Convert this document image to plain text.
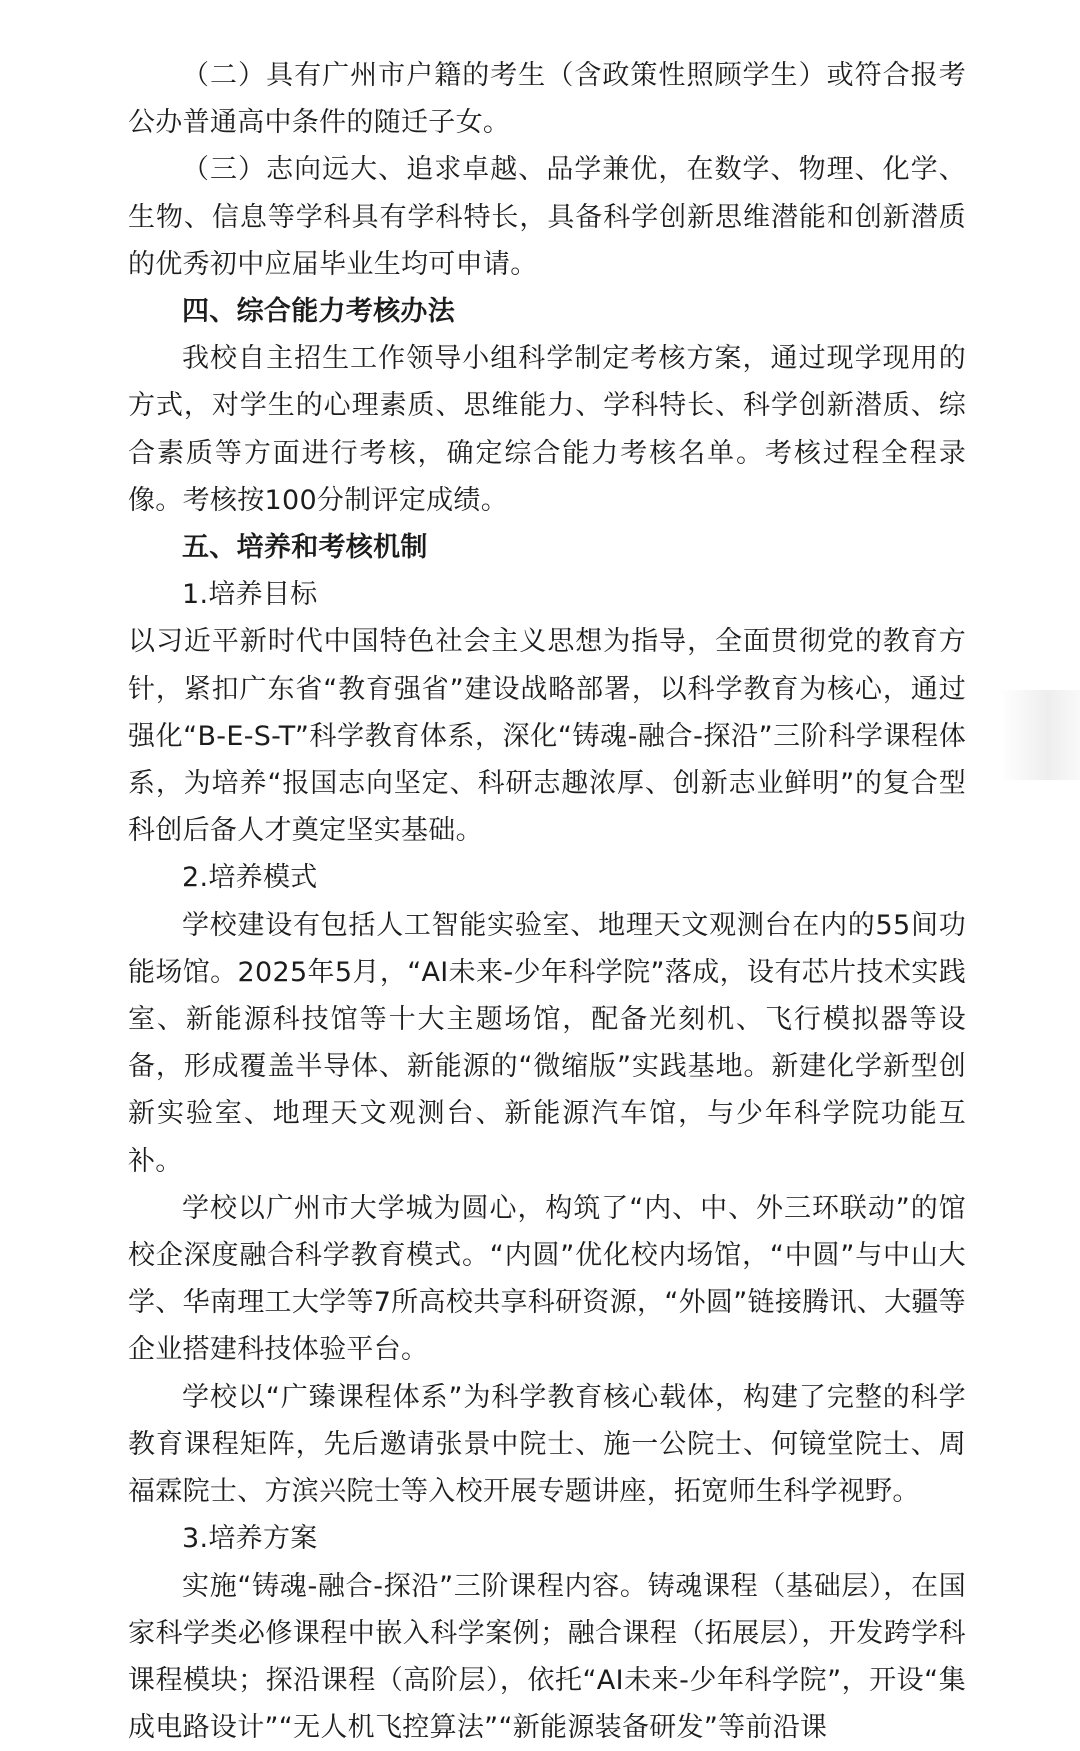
（二）具有广州市户籍的考生（含政策性照顾学生）或符合报考公办普通高中条件的随迁子女。

（三）志向远大、追求卓越、品学兼优，在数学、物理、化学、生物、信息等学科具有学科特长，具备科学创新思维潜能和创新潜质的优秀初中应届毕业生均可申请。

四、综合能力考核办法

我校自主招生工作领导小组科学制定考核方案，通过现学现用的方式，对学生的心理素质、思维能力、学科特长、科学创新潜质、综合素质等方面进行考核，确定综合能力考核名单。考核过程全程录像。考核按100分制评定成绩。

五、培养和考核机制

1.培养目标

以习近平新时代中国特色社会主义思想为指导，全面贯彻党的教育方针，紧扣广东省“教育强省”建设战略部署，以科学教育为核心，通过强化“B-E-S-T”科学教育体系，深化“铸魂-融合-探沿”三阶科学课程体系，为培养“报国志向坚定、科研志趣浓厚、创新志业鲜明”的复合型科创后备人才奠定坚实基础。

2.培养模式

学校建设有包括人工智能实验室、地理天文观测台在内的55间功能场馆。2025年5月，“AI未来-少年科学院”落成，设有芯片技术实践室、新能源科技馆等十大主题场馆，配备光刻机、飞行模拟器等设备，形成覆盖半导体、新能源的“微缩版”实践基地。新建化学新型创新实验室、地理天文观测台、新能源汽车馆，与少年科学院功能互补。

学校以广州市大学城为圆心，构筑了“内、中、外三环联动”的馆校企深度融合科学教育模式。“内圆”优化校内场馆，“中圆”与中山大学、华南理工大学等7所高校共享科研资源，“外圆”链接腾讯、大疆等企业搭建科技体验平台。

学校以“广臻课程体系”为科学教育核心载体，构建了完整的科学教育课程矩阵，先后邀请张景中院士、施一公院士、何镜堂院士、周福霖院士、方滨兴院士等入校开展专题讲座，拓宽师生科学视野。

3.培养方案

实施“铸魂-融合-探沿”三阶课程内容。铸魂课程（基础层），在国家科学类必修课程中嵌入科学案例；融合课程（拓展层），开发跨学科课程模块；探沿课程（高阶层），依托“AI未来-少年科学院”，开设“集成电路设计”“无人机飞控算法”“新能源装备研发”等前沿课
